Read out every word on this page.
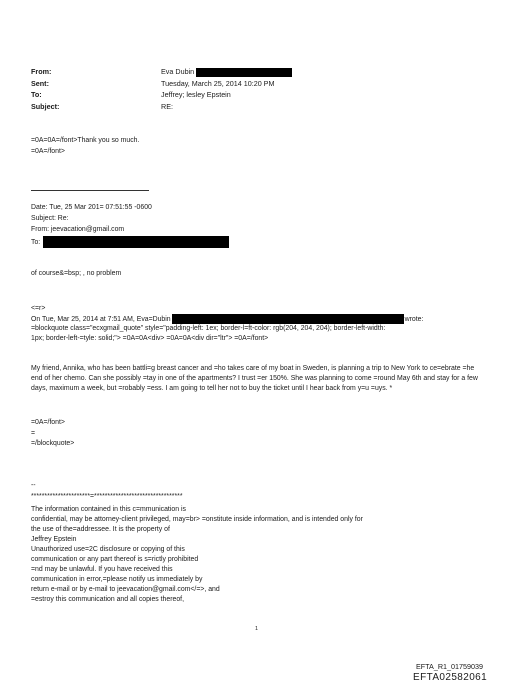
From:	Eva Dubin
Sent:	Tuesday, March 25, 2014 10:20 PM
To:	Jeffrey; lesley Epstein
Subject:	RE:
=0A=0A=/font>Thank you so much.
=0A=/font>
Date: Tue, 25 Mar 201= 07:51:55 -0600
Subject: Re:
From: jeevacation@gmail.com
To:
of course&=bsp; , no problem
<=r>
On Tue, Mar 25, 2014 at 7:51 AM, Eva=Dubin	wrote:
=blockquote class="ecxgmail_quote" style="padding-left: 1ex; border-l=ft-color: rgb(204, 204, 204); border-left-width:
1px; border-left-=tyle: solid;"> =0A=0A<div> =0A=0A<div dir="ltr"> =0A=/font>
My friend, Annika, who has been battli=g breast cancer and =ho takes care of my boat in Sweden, is planning a trip to New York to ce=ebrate =he end of her chemo. Can she possibly =tay in one of the apartments? I trust =er 150%. She was planning to come =round May 6th and stay for a few days, maximum a week, but =robably =ess. I am going to tell her not to buy the ticket until I hear back from y=u =uys. *
=0A=/font>
=
=/blockquote>
--
**********************=*********************************
The information contained in this c=mmunication is
confidential, may be attorney-client privileged, may=br> =onstitute inside information, and is intended only for
the use of the=addressee. It is the property of
Jeffrey Epstein
Unauthorized use=2C disclosure or copying of this
communication or any part thereof is s=rictly prohibited
=nd may be unlawful. If you have received this
communication in error,=please notify us immediately by
return e-mail or by e-mail to jeevacation@gmail.com</=>, and
=estroy this communication and all copies thereof,
1
EFTA_R1_01759039
EFTA02582061
